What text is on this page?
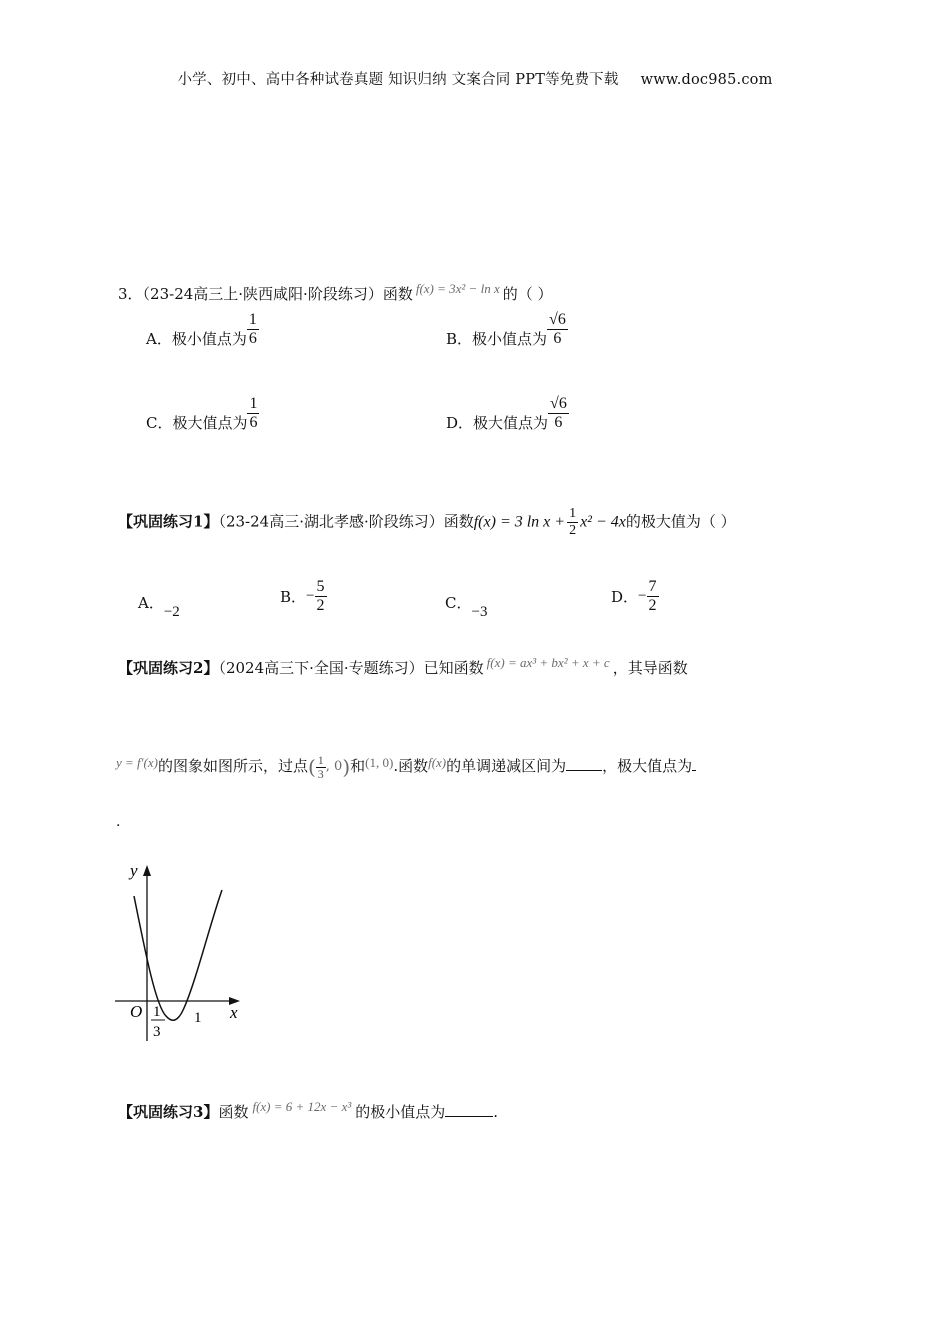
小学、初中、高中各种试卷真题 知识归纳 文案合同 PPT等免费下载 www.doc985.com
3．（23-24高三上·陕西咸阳·阶段练习）函数 f(x) = 3x² − ln x 的（ ）
A．极小值点为 $\frac{1}{6}$	B．极小值点为 $\frac{√6}{6}$
C．极大值点为 $\frac{1}{6}$	D．极大值点为 $\frac{√6}{6}$
【巩固练习1】（23-24高三·湖北孝感·阶段练习）函数f(x) = 3 $\ln x + \frac{1}{2} x^2 - 4x$的极大值为（ ）
A．−2
B．− $\frac{5}{2}$	C．−3
D．− $\frac{7}{2}$
【巩固练习2】（2024高三下·全国·专题练习）已知函数 f(x) = ax³ + bx² + x + c ，其导函数
y = f′(x)的图象如图所示，过点( $\frac{1}{3}$ , 0)和(1, 0).函数f(x)的单调递减区间为 ，极大值点为
.
y
x
O 1
3
1
【巩固练习3】函数 f(x) = 6 + 12x − x³ 的极小值点为	.
